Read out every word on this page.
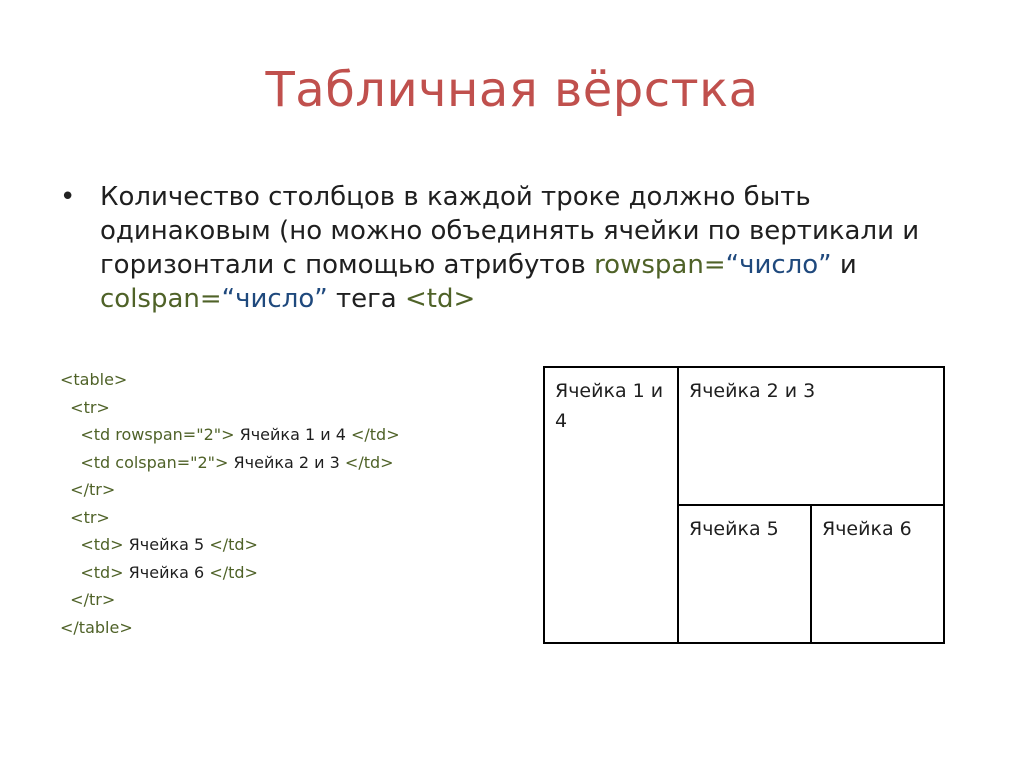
Табличная вёрстка
• Количество столбцов в каждой троке должно быть одинаковым (но можно объединять ячейки по вертикали и горизонтали с помощью атрибутов rowspan=“число” и colspan=“число” тега <td>
<table>
<tr>
<td rowspan="2"> Ячейка 1 и 4 </td>
<td colspan="2"> Ячейка 2 и 3 </td>
</tr>
<tr>
<td> Ячейка 5 </td>
<td> Ячейка 6 </td>
</tr>
</table>
Ячейка 1 и 4	Ячейка 2 и 3	
	Ячейка 5	Ячейка 6
